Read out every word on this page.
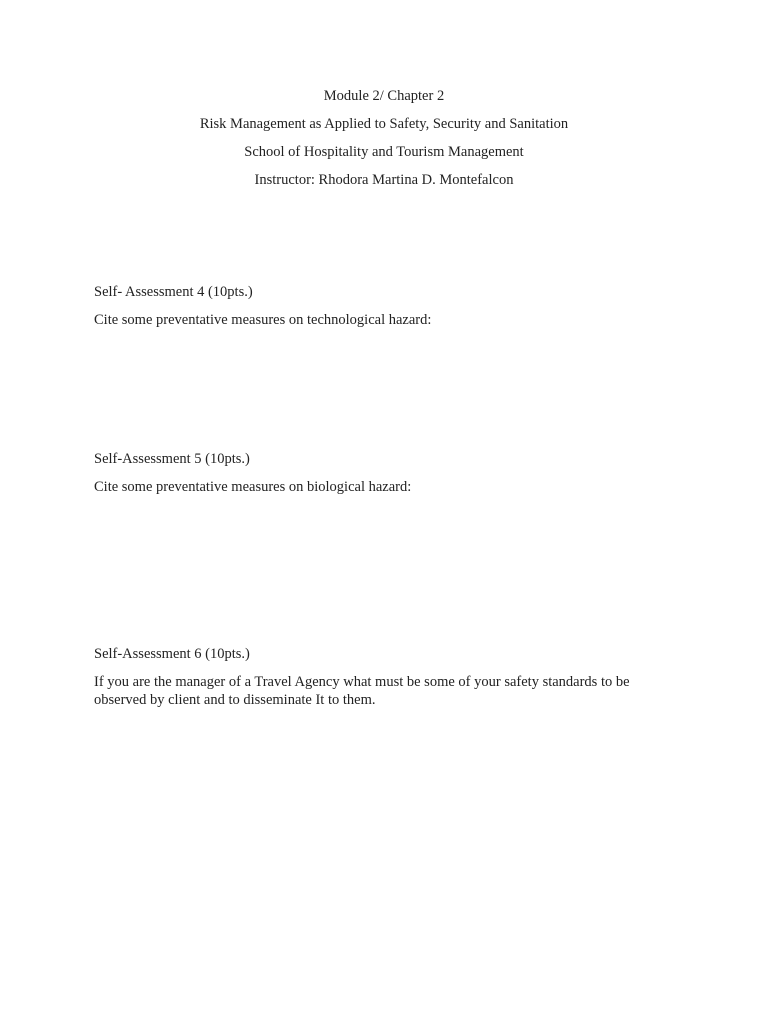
Module 2/ Chapter 2
Risk Management as Applied to Safety, Security and Sanitation
School of Hospitality and Tourism Management
Instructor: Rhodora Martina D. Montefalcon
Self- Assessment 4 (10pts.)
Cite some preventative measures on technological hazard:
Self-Assessment 5 (10pts.)
Cite some preventative measures on biological hazard:
Self-Assessment 6 (10pts.)
If you are the manager of a Travel Agency what must be some of your safety standards to be observed by client and to disseminate It to them.
